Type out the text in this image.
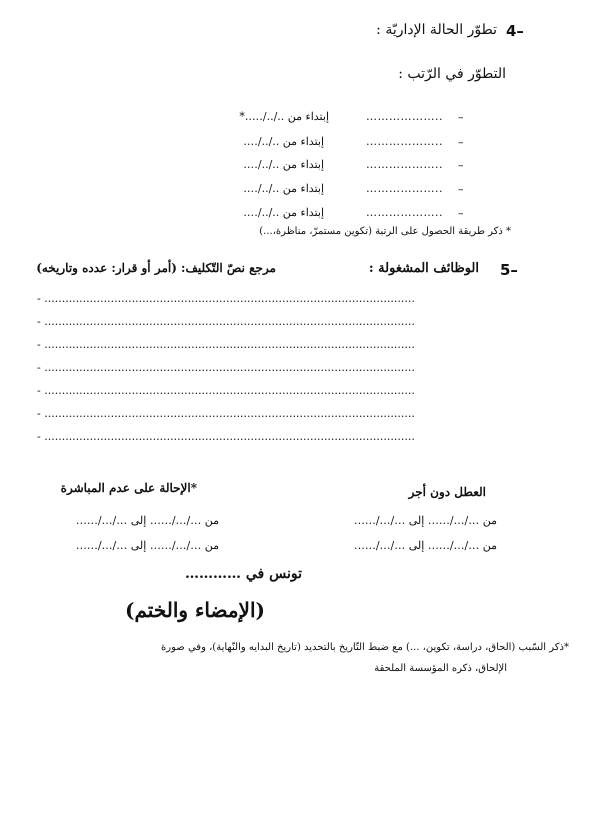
4–
تطوّر الحالة الإداريّة :
التطوّر في الرّتب :
–
………………..
إبتداء من ../../…..*
–
………………..
إبتداء من ../../….
–
………………..
إبتداء من ../../….
–
………………..
إبتداء من ../../….
–
………………..
إبتداء من ../../….
* ذكر طريقة الحصول على الرتبة (تكوين مستمرّ، مناظرة،...)
5–
الوظائف المشغولة :
مرجع نصّ التّكليف: (أمر أو قرار: عدده وتاريخه)
- ..........................................................................................................
- ..........................................................................................................
- ..........................................................................................................
- ..........................................................................................................
- ..........................................................................................................
- ..........................................................................................................
- ..........................................................................................................
العطل دون أجر
من …/…/…… إلى …/…/……
من …/…/…… إلى …/…/……
*الإحالة على عدم المباشرة
من …/…/…… إلى …/…/……
من …/…/…… إلى …/…/……
تونس في …………
(الإمضاء والختم)
*ذكر السّبب (الحاق، دراسة، تكوين، ...) مع ضبط التّاريخ بالتحديد (تاريخ البدايه والنّهاية)، وفي صورة
الإلحاق، ذكره المؤسسة الملحقة
